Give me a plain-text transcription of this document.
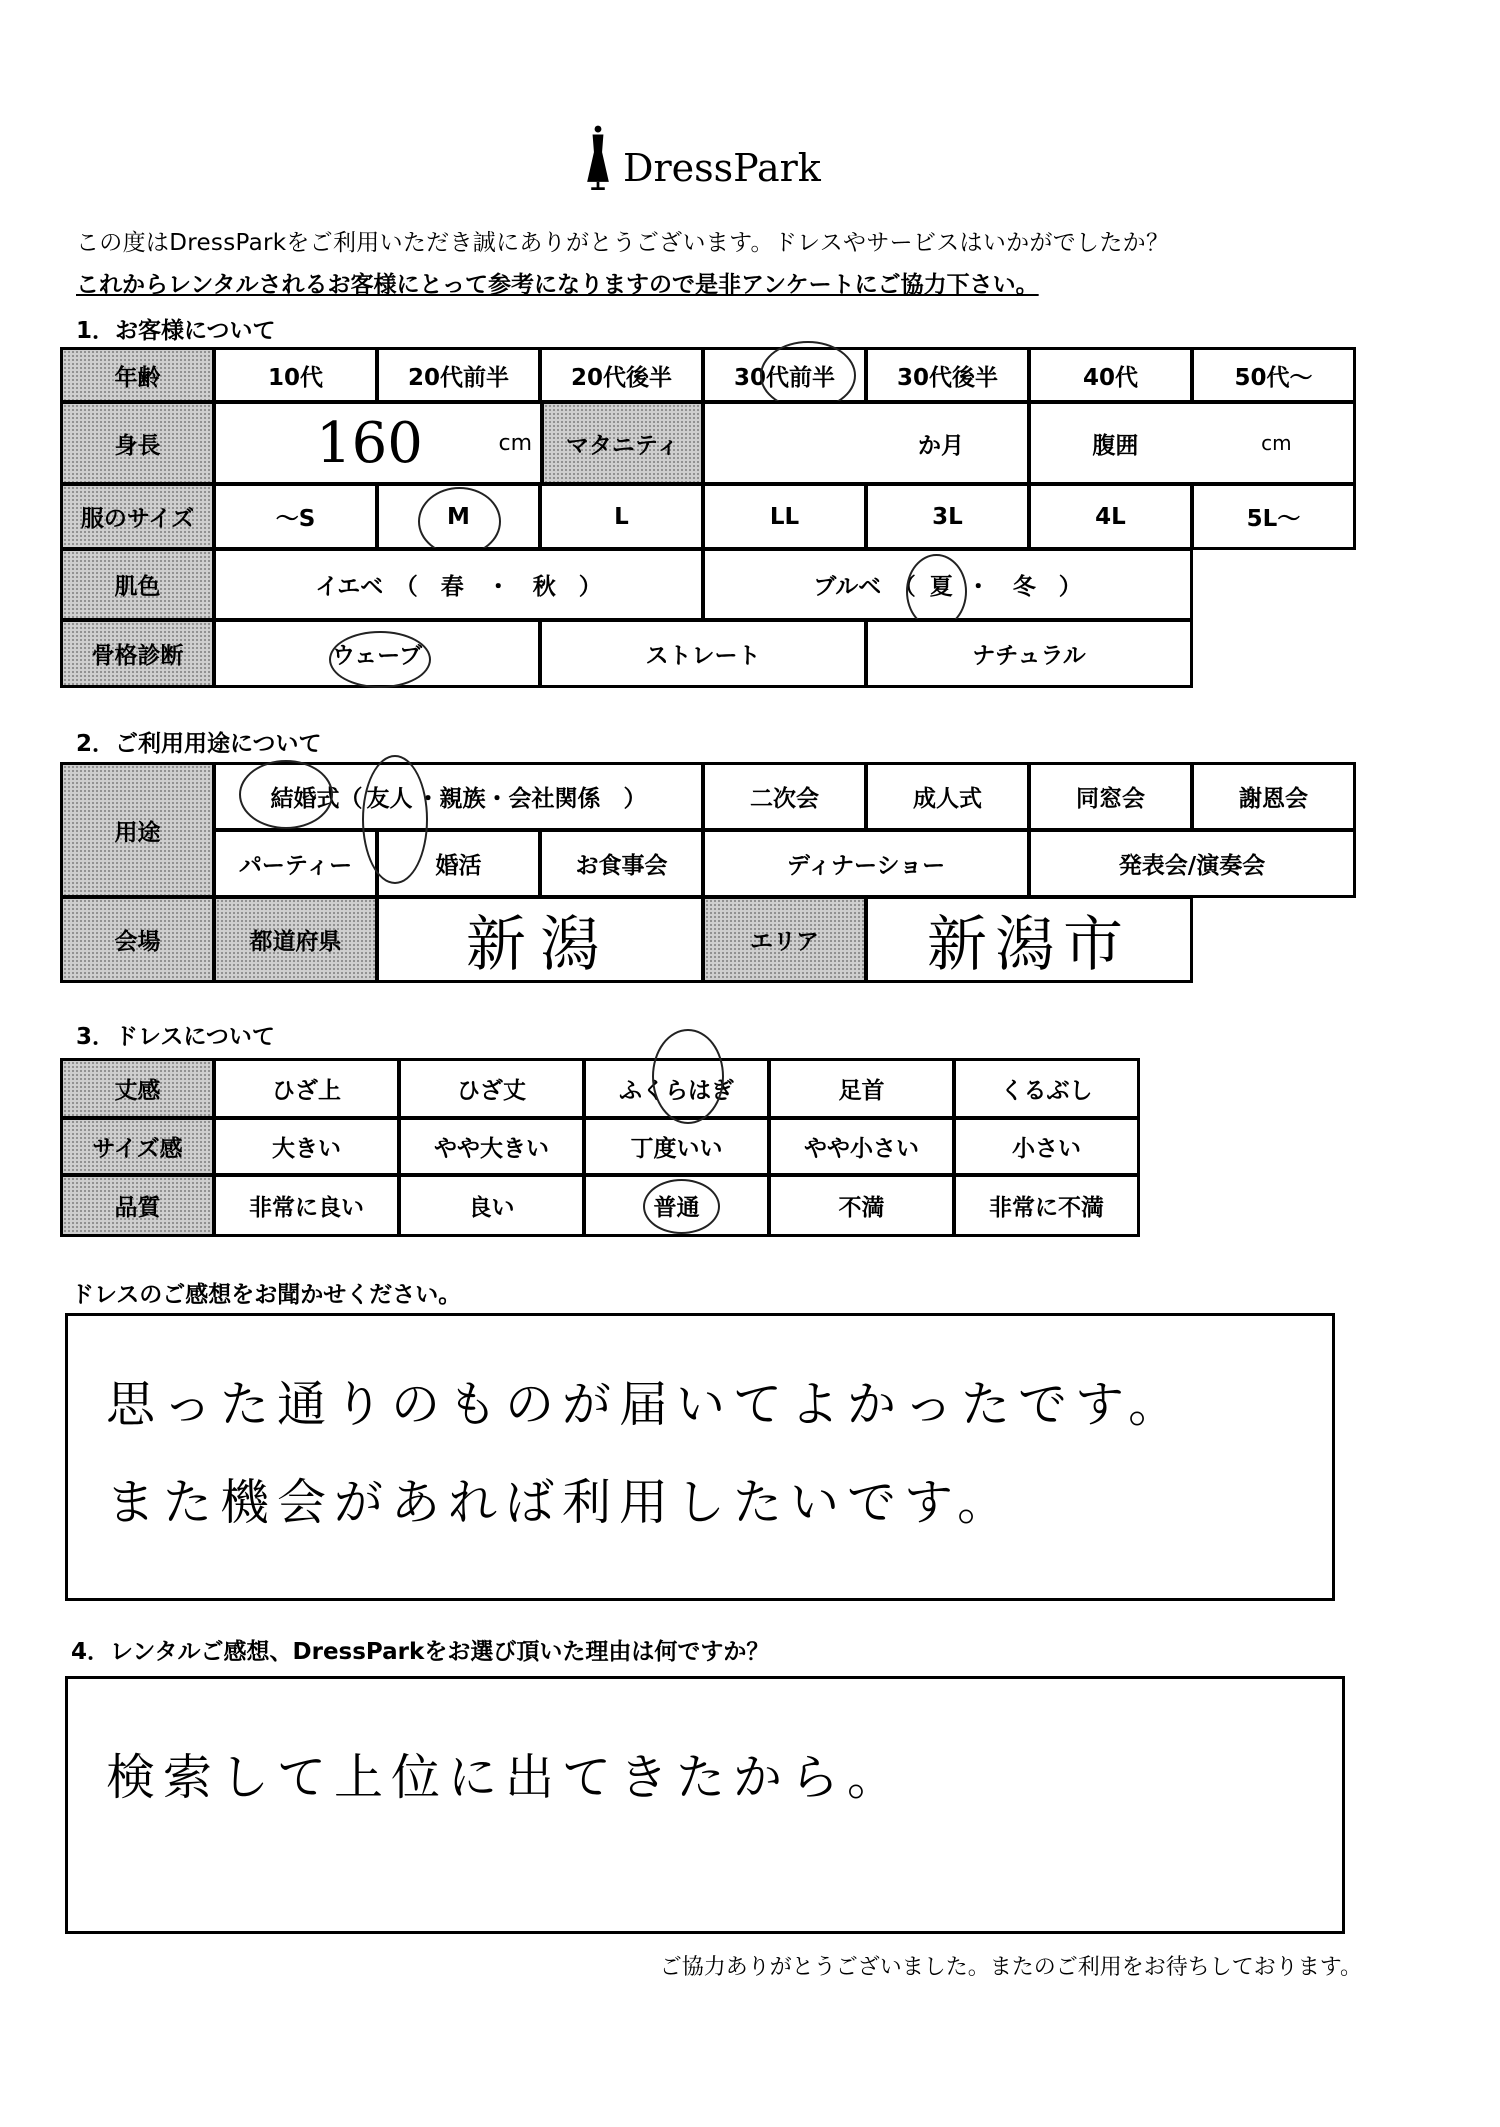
DressPark
この度はDressParkをご利用いただき誠にありがとうございます。ドレスやサービスはいかがでしたか？
これからレンタルされるお客様にとって参考になりますので是非アンケートにご協力下さい。
1．お客様について
年齢	10代	20代前半	20代後半	30代前半	30代後半	40代	50代～
身長	160	cm	マタニティ	か月	腹囲	cm
服のサイズ	～S	M	L	LL	3L	4L	5L～
肌色	イエベ　（　春　・　秋　）	ブルベ　（ 夏 ・　冬　）
骨格診断	ウェーブ	ストレート	ナチュラル
2．ご利用用途について
用途
結婚式（ 友人 ・親族・会社関係　）	二次会	成人式	同窓会	謝恩会
パーティー	婚活	お食事会	ディナーショー	発表会/演奏会
会場	都道府県	新潟	エリア	新潟市
3．ドレスについて
丈感	ひざ上	ひざ丈	ふくらはぎ	足首	くるぶし
サイズ感	大きい	やや大きい	丁度いい	やや小さい	小さい
品質	非常に良い	良い	普通	不満	非常に不満
ドレスのご感想をお聞かせください。
思った通りのものが届いてよかったです。
また機会があれば利用したいです。
4．レンタルご感想、DressParkをお選び頂いた理由は何ですか？
検索して上位に出てきたから。
ご協力ありがとうございました。またのご利用をお待ちしております。
